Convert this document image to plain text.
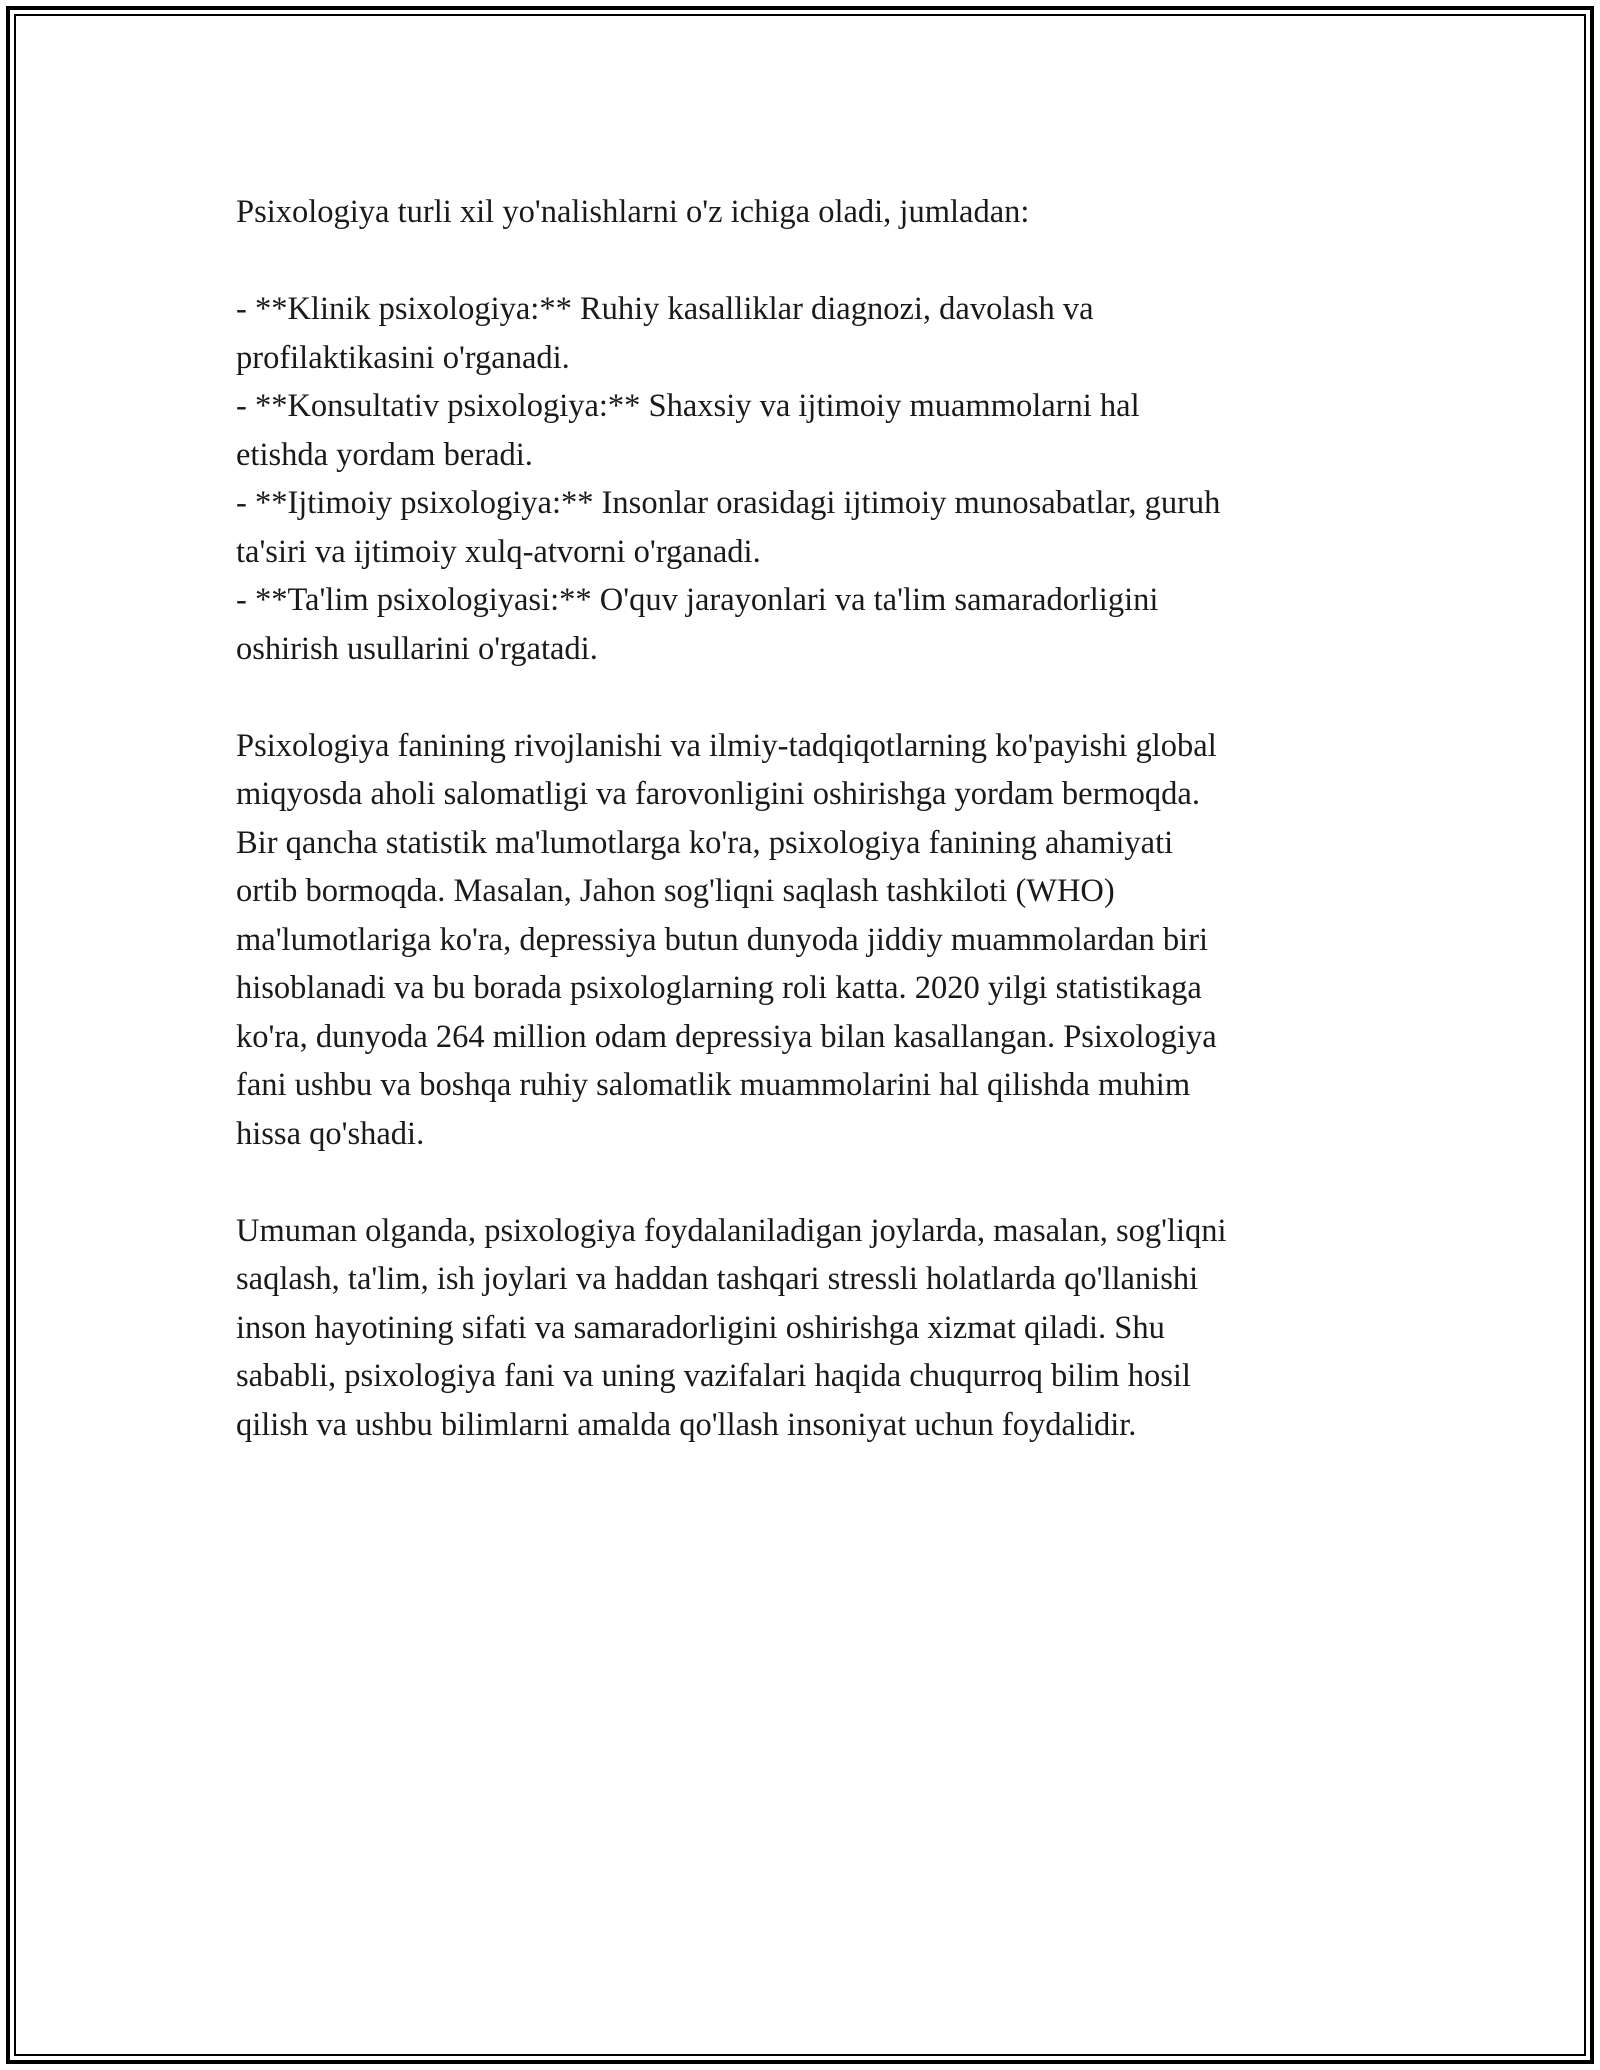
Psixologiya turli xil yo'nalishlarni o'z ichiga oladi, jumladan:

- **Klinik psixologiya:** Ruhiy kasalliklar diagnozi, davolash va
profilaktikasini o'rganadi.

- **Konsultativ psixologiya:** Shaxsiy va ijtimoiy muammolarni hal
etishda yordam beradi.

- **Ijtimoiy psixologiya:** Insonlar orasidagi ijtimoiy munosabatlar, guruh
ta'siri va ijtimoiy xulq-atvorni o'rganadi.

- **Ta'lim psixologiyasi:** O'quv jarayonlari va ta'lim samaradorligini
oshirish usullarini o'rgatadi.

Psixologiya fanining rivojlanishi va ilmiy-tadqiqotlarning ko'payishi global
miqyosda aholi salomatligi va farovonligini oshirishga yordam bermoqda.
Bir qancha statistik ma'lumotlarga ko'ra, psixologiya fanining ahamiyati
ortib bormoqda. Masalan, Jahon sog'liqni saqlash tashkiloti (WHO)
ma'lumotlariga ko'ra, depressiya butun dunyoda jiddiy muammolardan biri
hisoblanadi va bu borada psixologlarning roli katta. 2020 yilgi statistikaga
ko'ra, dunyoda 264 million odam depressiya bilan kasallangan. Psixologiya
fani ushbu va boshqa ruhiy salomatlik muammolarini hal qilishda muhim
hissa qo'shadi.

Umuman olganda, psixologiya foydalaniladigan joylarda, masalan, sog'liqni
saqlash, ta'lim, ish joylari va haddan tashqari stressli holatlarda qo'llanishi
inson hayotining sifati va samaradorligini oshirishga xizmat qiladi. Shu
sababli, psixologiya fani va uning vazifalari haqida chuqurroq bilim hosil
qilish va ushbu bilimlarni amalda qo'llash insoniyat uchun foydalidir.
